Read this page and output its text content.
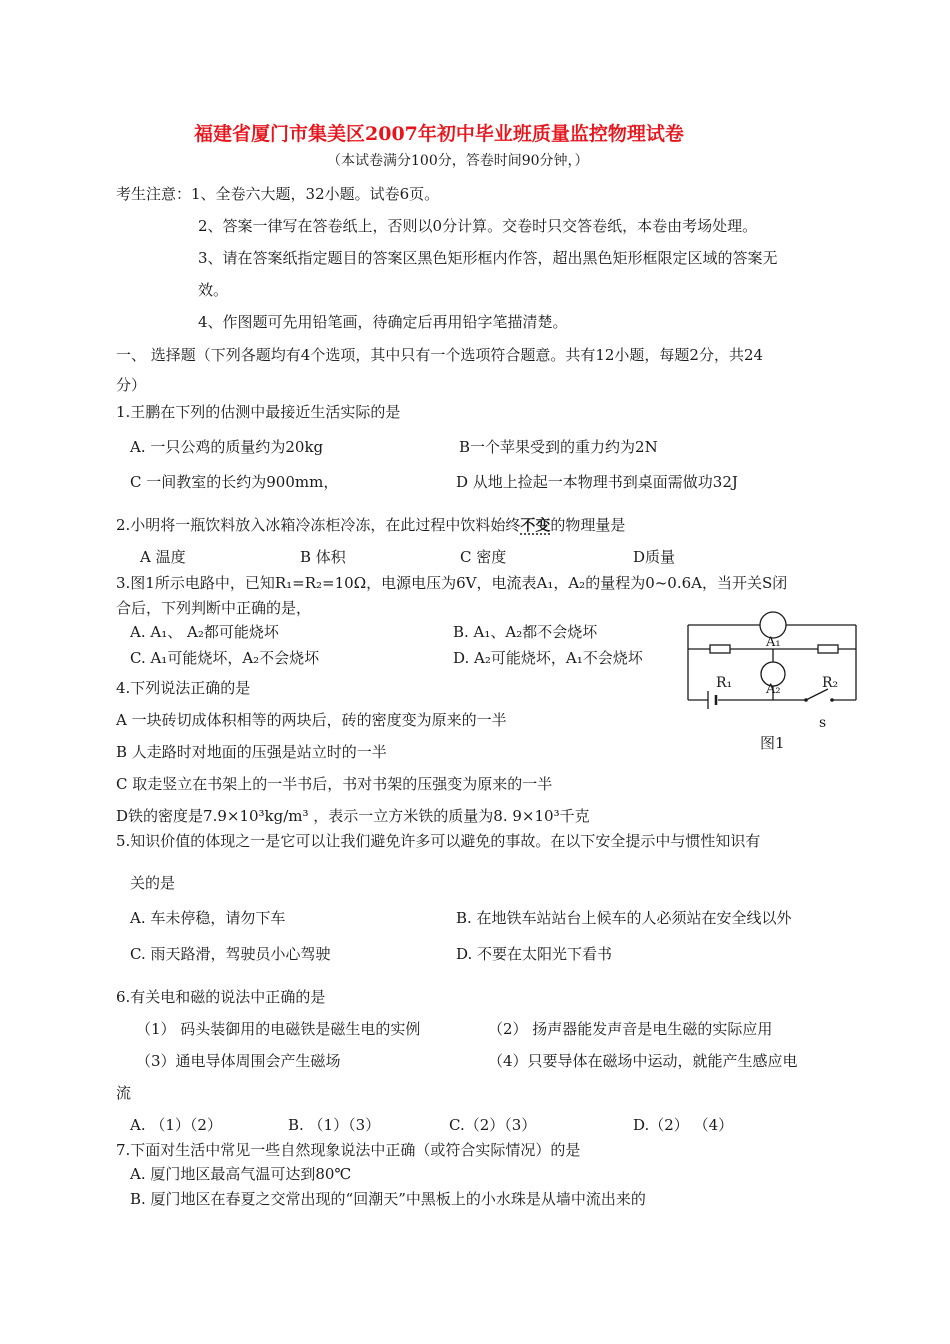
福建省厦门市集美区2007年初中毕业班质量监控物理试卷
（本试卷满分100分，答卷时间90分钟，）
考生注意：1、全卷六大题，32小题。试卷6页。
2、答案一律写在答卷纸上，否则以0分计算。交卷时只交答卷纸，本卷由考场处理。
3、请在答案纸指定题目的答案区黑色矩形框内作答，超出黑色矩形框限定区域的答案无
效。
4、作图题可先用铅笔画，待确定后再用铅字笔描清楚。
一、 选择题（下列各题均有4个选项，其中只有一个选项符合题意。共有12小题，每题2分，共24
分）
1.王鹏在下列的估测中最接近生活实际的是
A. 一只公鸡的质量约为20kg	B一个苹果受到的重力约为2N
C 一间教室的长约为900mm，	D 从地上捡起一本物理书到桌面需做功32J
2.小明将一瓶饮料放入冰箱冷冻柜冷冻，在此过程中饮料始终不变的物理量是
A 温度	B 体积	C 密度	D质量
3.图1所示电路中，已知R₁=R₂=10Ω，电源电压为6V，电流表A₁，A₂的量程为0~0.6A，当开关S闭
合后，下列判断中正确的是，
A. A₁、 A₂都可能烧坏	B. A₁、A₂都不会烧坏
C. A₁可能烧坏，A₂不会烧坏	D. A₂可能烧坏，A₁不会烧坏
A₁
A₂
R₁	R₂
s
图1
4.下列说法正确的是
A 一块砖切成体积相等的两块后，砖的密度变为原来的一半
B 人走路时对地面的压强是站立时的一半
C 取走竖立在书架上的一半书后，书对书架的压强变为原来的一半
D铁的密度是7.9×10³kg/m³ ，表示一立方米铁的质量为8. 9×10³千克
5.知识价值的体现之一是它可以让我们避免许多可以避免的事故。在以下安全提示中与惯性知识有
关的是
A. 车未停稳，请勿下车	B. 在地铁车站站台上候车的人必须站在安全线以外
C. 雨天路滑，驾驶员小心驾驶	D. 不要在太阳光下看书
6.有关电和磁的说法中正确的是
（1） 码头装御用的电磁铁是磁生电的实例	（2） 扬声器能发声音是电生磁的实际应用
（3）通电导体周围会产生磁场	（4）只要导体在磁场中运动，就能产生感应电
流
A. （1）（2）	B. （1）（3）	C.（2）（3）	D.（2） （4）
7.下面对生活中常见一些自然现象说法中正确（或符合实际情况）的是
A. 厦门地区最高气温可达到80℃
B. 厦门地区在春夏之交常出现的“回潮天”中黑板上的小水珠是从墙中流出来的
